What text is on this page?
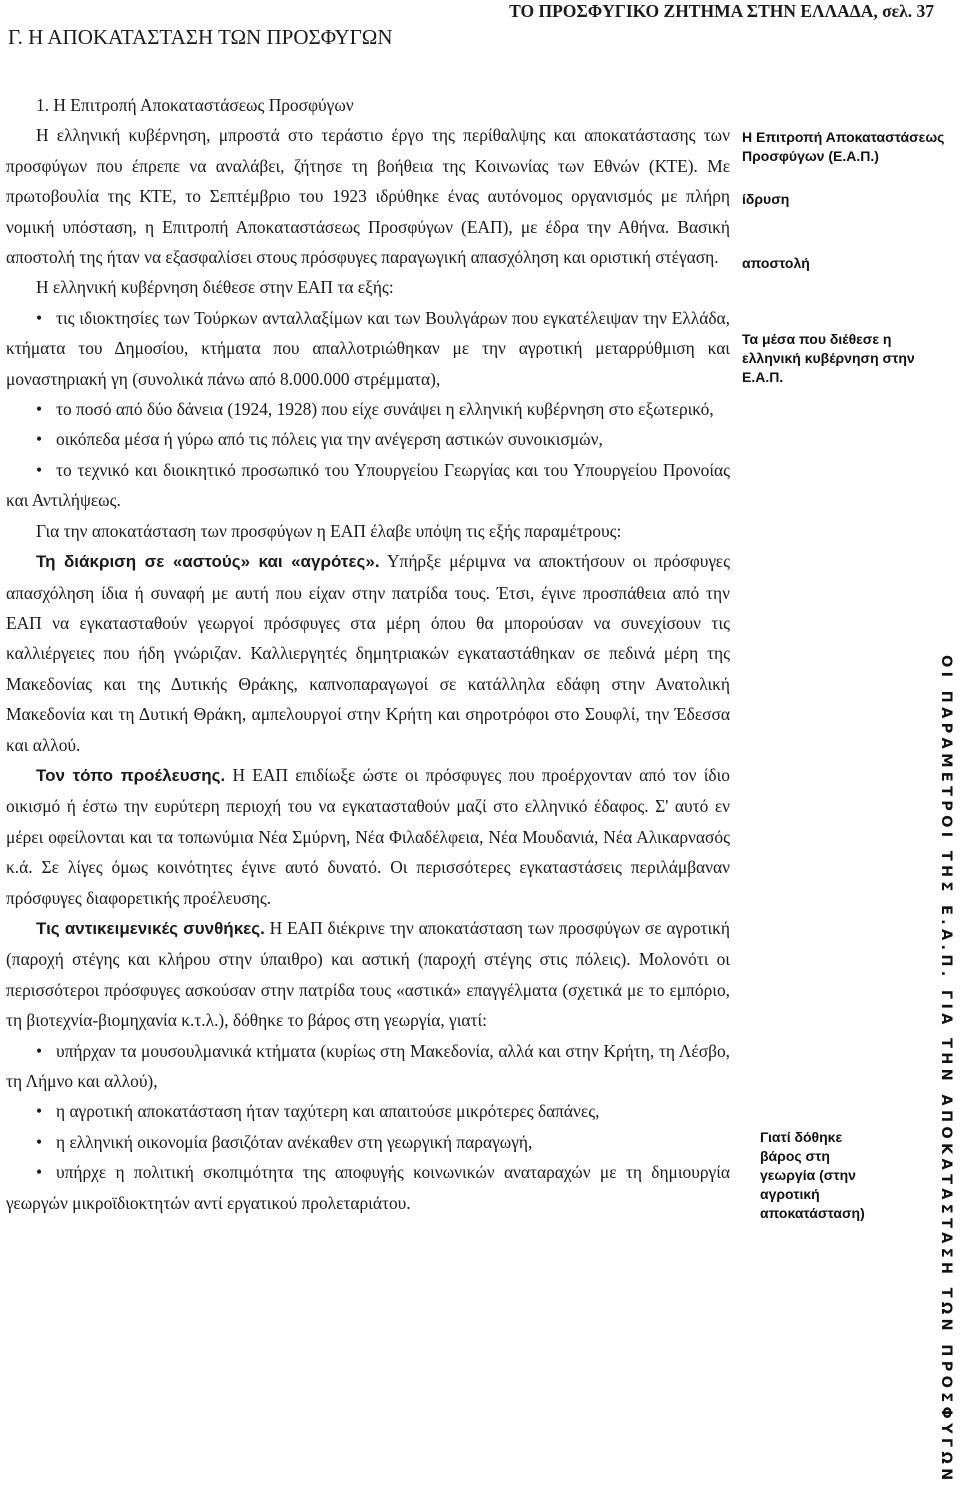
ΤΟ ΠΡΟΣΦΥΓΙΚΟ ΖΗΤΗΜΑ ΣΤΗΝ ΕΛΛΑΔΑ, σελ. 37
Γ. Η ΑΠΟΚΑΤΑΣΤΑΣΗ ΤΩΝ ΠΡΟΣΦΥΓΩΝ

1. Η Επιτροπή Αποκαταστάσεως Προσφύγων

Η ελληνική κυβέρνηση, μπροστά στο τεράστιο έργο της περίθαλψης και αποκατάστασης των προσφύγων που έπρεπε να αναλάβει, ζήτησε τη βοήθεια της Κοινωνίας των Εθνών (ΚΤΕ). Με πρωτοβουλία της ΚΤΕ, το Σεπτέμβριο του 1923 ιδρύθηκε ένας αυτόνομος οργανισμός με πλήρη νομική υπόσταση, η Επιτροπή Αποκαταστάσεως Προσφύγων (ΕΑΠ), με έδρα την Αθήνα. Βασική αποστολή της ήταν να εξασφαλίσει στους πρόσφυγες παραγωγική απασχόληση και οριστική στέγαση.

Η ελληνική κυβέρνηση διέθεσε στην ΕΑΠ τα εξής:

• τις ιδιοκτησίες των Τούρκων ανταλλαξίμων και των Βουλγάρων που εγκατέλειψαν την Ελλάδα, κτήματα του Δημοσίου, κτήματα που απαλλοτριώθηκαν με την αγροτική μεταρρύθμιση και μοναστηριακή γη (συνολικά πάνω από 8.000.000 στρέμματα),

• το ποσό από δύο δάνεια (1924, 1928) που είχε συνάψει η ελληνική κυβέρνηση στο εξωτερικό,

• οικόπεδα μέσα ή γύρω από τις πόλεις για την ανέγερση αστικών συνοικισμών,

• το τεχνικό και διοικητικό προσωπικό του Υπουργείου Γεωργίας και του Υπουργείου Προνοίας και Αντιλήψεως.

Για την αποκατάσταση των προσφύγων η ΕΑΠ έλαβε υπόψη τις εξής παραμέτρους:

Τη διάκριση σε «αστούς» και «αγρότες». Υπήρξε μέριμνα να αποκτήσουν οι πρόσφυγες απασχόληση ίδια ή συναφή με αυτή που είχαν στην πατρίδα τους. Έτσι, έγινε προσπάθεια από την ΕΑΠ να εγκατασταθούν γεωργοί πρόσφυγες στα μέρη όπου θα μπορούσαν να συνεχίσουν τις καλλιέργειες που ήδη γνώριζαν. Καλλιεργητές δημητριακών εγκαταστάθηκαν σε πεδινά μέρη της Μακεδονίας και της Δυτικής Θράκης, καπνοπαραγωγοί σε κατάλληλα εδάφη στην Ανατολική Μακεδονία και τη Δυτική Θράκη, αμπελουργοί στην Κρήτη και σηροτρόφοι στο Σουφλί, την Έδεσσα και αλλού.

Τον τόπο προέλευσης. Η ΕΑΠ επιδίωξε ώστε οι πρόσφυγες που προέρχονταν από τον ίδιο οικισμό ή έστω την ευρύτερη περιοχή του να εγκατασταθούν μαζί στο ελληνικό έδαφος. Σ' αυτό εν μέρει οφείλονται και τα τοπωνύμια Νέα Σμύρνη, Νέα Φιλαδέλφεια, Νέα Μουδανιά, Νέα Αλικαρνασός κ.ά. Σε λίγες όμως κοινότητες έγινε αυτό δυνατό. Οι περισσότερες εγκαταστάσεις περιλάμβαναν πρόσφυγες διαφορετικής προέλευσης.

Τις αντικειμενικές συνθήκες. Η ΕΑΠ διέκρινε την αποκατάσταση των προσφύγων σε αγροτική (παροχή στέγης και κλήρου στην ύπαιθρο) και αστική (παροχή στέγης στις πόλεις). Μολονότι οι περισσότεροι πρόσφυγες ασκούσαν στην πατρίδα τους «αστικά» επαγγέλματα (σχετικά με το εμπόριο, τη βιοτεχνία-βιομηχανία κ.τ.λ.), δόθηκε το βάρος στη γεωργία, γιατί:

• υπήρχαν τα μουσουλμανικά κτήματα (κυρίως στη Μακεδονία, αλλά και στην Κρήτη, τη Λέσβο, τη Λήμνο και αλλού),

• η αγροτική αποκατάσταση ήταν ταχύτερη και απαιτούσε μικρότερες δαπάνες,

• η ελληνική οικονομία βασιζόταν ανέκαθεν στη γεωργική παραγωγή,

• υπήρχε η πολιτική σκοπιμότητα της αποφυγής κοινωνικών αναταραχών με τη δημιουργία γεωργών μικροϊδιοκτητών αντί εργατικού προλεταριάτου.

Η Επιτροπή Αποκαταστάσεως Προσφύγων (Ε.Α.Π.)
ίδρυση
αποστολή
Τα μέσα που διέθεσε η ελληνική κυβέρνηση στην Ε.Α.Π.
Γιατί δόθηκε βάρος στη γεωργία (στην αγροτική αποκατάσταση)	ΟΙ ΠΑΡΑΜΕΤΡΟΙ ΤΗΣ Ε.Α.Π. ΓΙΑ ΤΗΝ ΑΠΟΚΑΤΑΣΤΑΣΗ ΤΩΝ ΠΡΟΣΦΥΓΩΝ
